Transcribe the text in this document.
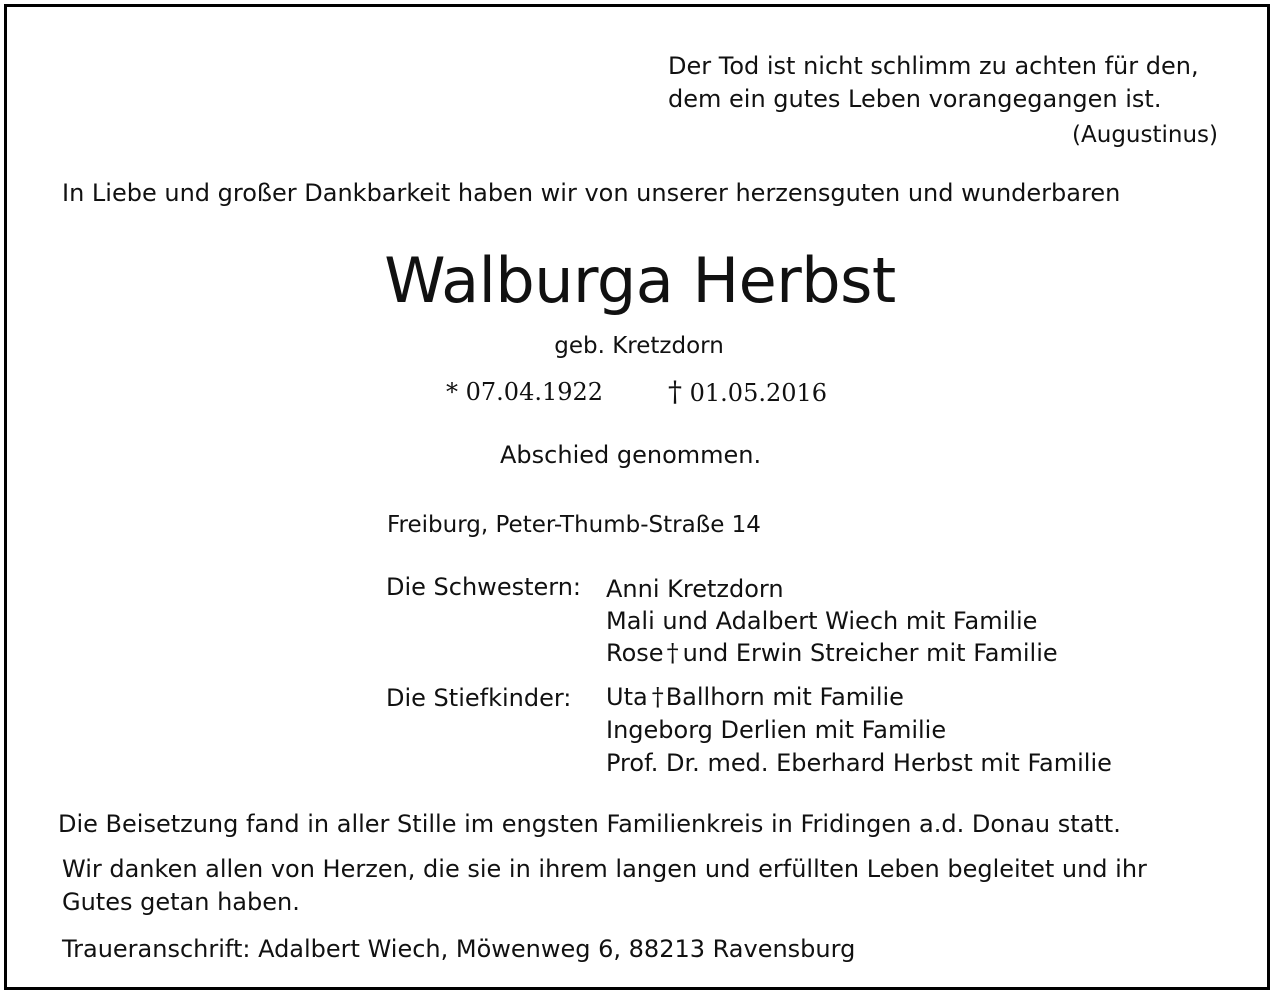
Der Tod ist nicht schlimm zu achten für den,
dem ein gutes Leben vorangegangen ist.
(Augustinus)
In Liebe und großer Dankbarkeit haben wir von unserer herzensguten und wunderbaren
Walburga Herbst
geb. Kretzdorn
* 07.04.1922 † 01.05.2016
Abschied genommen.
Freiburg, Peter-Thumb-Straße 14
Die Schwestern: Anni Kretzdorn
Mali und Adalbert Wiech mit Familie
Rose † und Erwin Streicher mit Familie
Die Stiefkinder: Uta †Ballhorn mit Familie
Ingeborg Derlien mit Familie
Prof. Dr. med. Eberhard Herbst mit Familie
Die Beisetzung fand in aller Stille im engsten Familienkreis in Fridingen a.d. Donau statt.
Wir danken allen von Herzen, die sie in ihrem langen und erfüllten Leben begleitet und ihr
Gutes getan haben.
Traueranschrift: Adalbert Wiech, Möwenweg 6, 88213 Ravensburg
